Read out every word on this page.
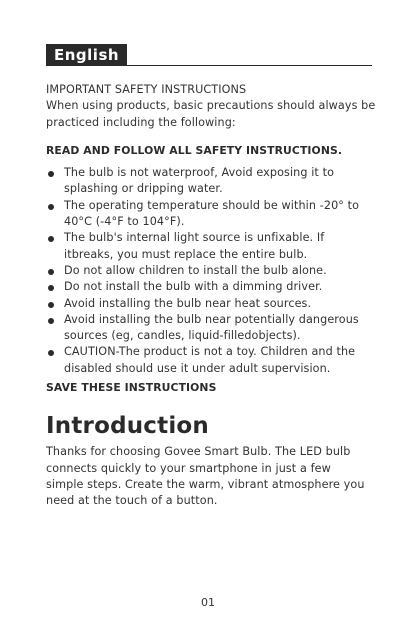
English

IMPORTANT SAFETY INSTRUCTIONS

When using products, basic precautions should always be practiced including the following:

READ AND FOLLOW ALL SAFETY INSTRUCTIONS.

The bulb is not waterproof, Avoid exposing it to splashing or dripping water.
The operating temperature should be within -20° to 40°C (-4°F to 104°F).
The bulb's internal light source is unfixable. If itbreaks, you must replace the entire bulb.
Do not allow children to install the bulb alone.
Do not install the bulb with a dimming driver.
Avoid installing the bulb near heat sources.
Avoid installing the bulb near potentially dangerous sources (eg, candles, liquid-filledobjects).
CAUTION-The product is not a toy. Children and the disabled should use it under adult supervision.

SAVE THESE INSTRUCTIONS

Introduction

Thanks for choosing Govee Smart Bulb. The LED bulb connects quickly to your smartphone in just a few simple steps. Create the warm, vibrant atmosphere you need at the touch of a button.

01
